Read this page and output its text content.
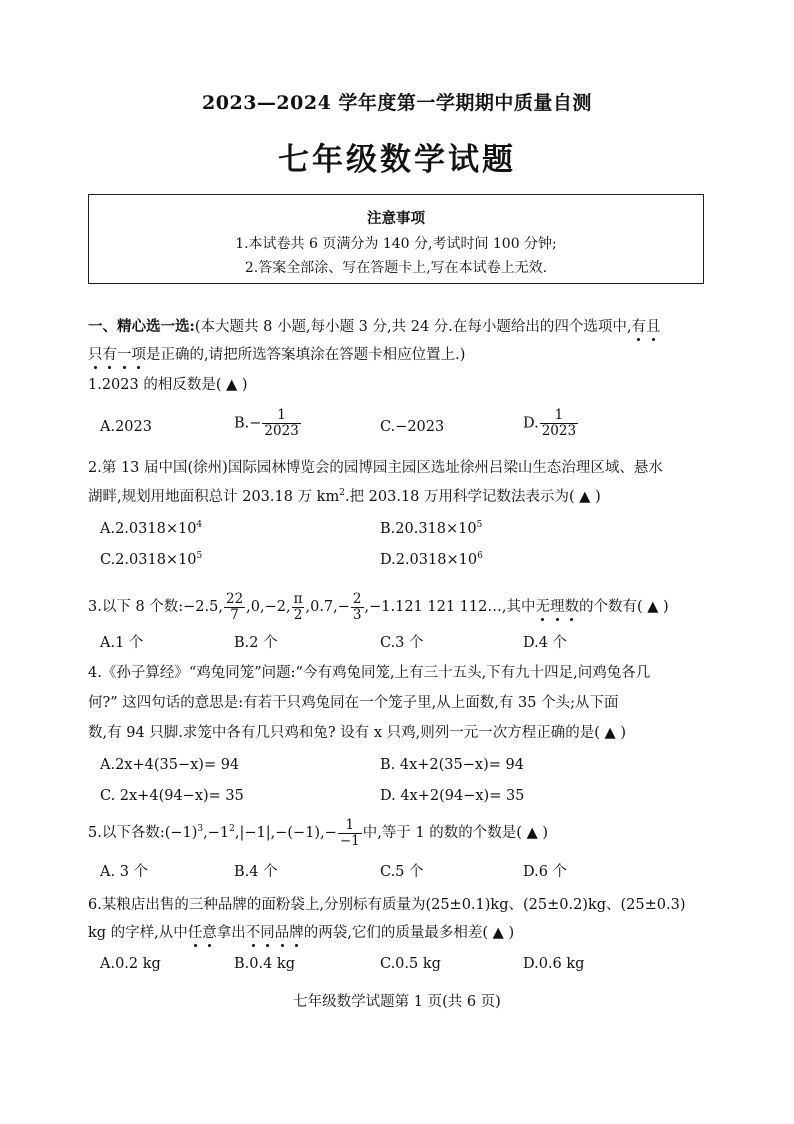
2023—2024 学年度第一学期期中质量自测
七年级数学试题
注意事项
1.本试卷共 6 页满分为 140 分,考试时间 100 分钟;
2.答案全部涂、写在答题卡上,写在本试卷上无效.
一、精心选一选:(本大题共 8 小题,每小题 3 分,共 24 分.在每小题给出的四个选项中,有且
只有一项是正确的,请把所选答案填涂在答题卡相应位置上.)
1.2023 的相反数是( ▲ )
A.2023	$B.- \frac{1}{2023}$	C.−2023	D. $\frac{1}{2023}$
2.第 13 届中国(徐州)国际园林博览会的园博园主园区选址徐州吕梁山生态治理区域、悬水
湖畔,规划用地面积总计 203.18 万 $km^2$.把 203.18 万用科学记数法表示为( ▲ )
$A.2.0318\times 10^4$	$B.20.318\times 10^5$
$C.2.0318\times 10^5$	$D.2.0318\times 10^6$
3.以下 8 个数:−2.5, $\frac{22}{7} ,0,-2$, $\frac{\pi}{2} ,0.7,- \frac{2}{3} ,-1.121$ 121 112…,其中无理数的个数有( ▲ )
A.1 个	B.2 个	C.3 个	D.4 个
4.《孙子算经》“鸡兔同笼”问题:“今有鸡兔同笼,上有三十五头,下有九十四足,问鸡兔各几
何?” 这四句话的意思是:有若干只鸡兔同在一个笼子里,从上面数,有 35 个头;从下面
数,有 94 只脚.求笼中各有几只鸡和兔? 设有 x 只鸡,则列一元一次方程正确的是( ▲ )
A.2x+4(35−x)= 94	B. 4x+2(35−x)= 94
C. 2x+4(94−x)= 35	D. 4x+2(94−x)= 35
5.以下各数$:(-1)^3,-1^2,|-1|,-(-1),- \frac{1}{-1}$ 中,等于 1 的数的个数是( ▲ )
A. 3 个	B.4 个	C.5 个	D.6 个
6.某粮店出售的三种品牌的面粉袋上,分别标有质量为(25±0.1)kg、(25±0.2)kg、(25±0.3)
kg 的字样,从中任意拿出不同品牌的两袋,它们的质量最多相差( ▲ )
A.0.2 kg	B.0.4 kg	C.0.5 kg	D.0.6 kg
七年级数学试题第 1 页(共 6 页)
